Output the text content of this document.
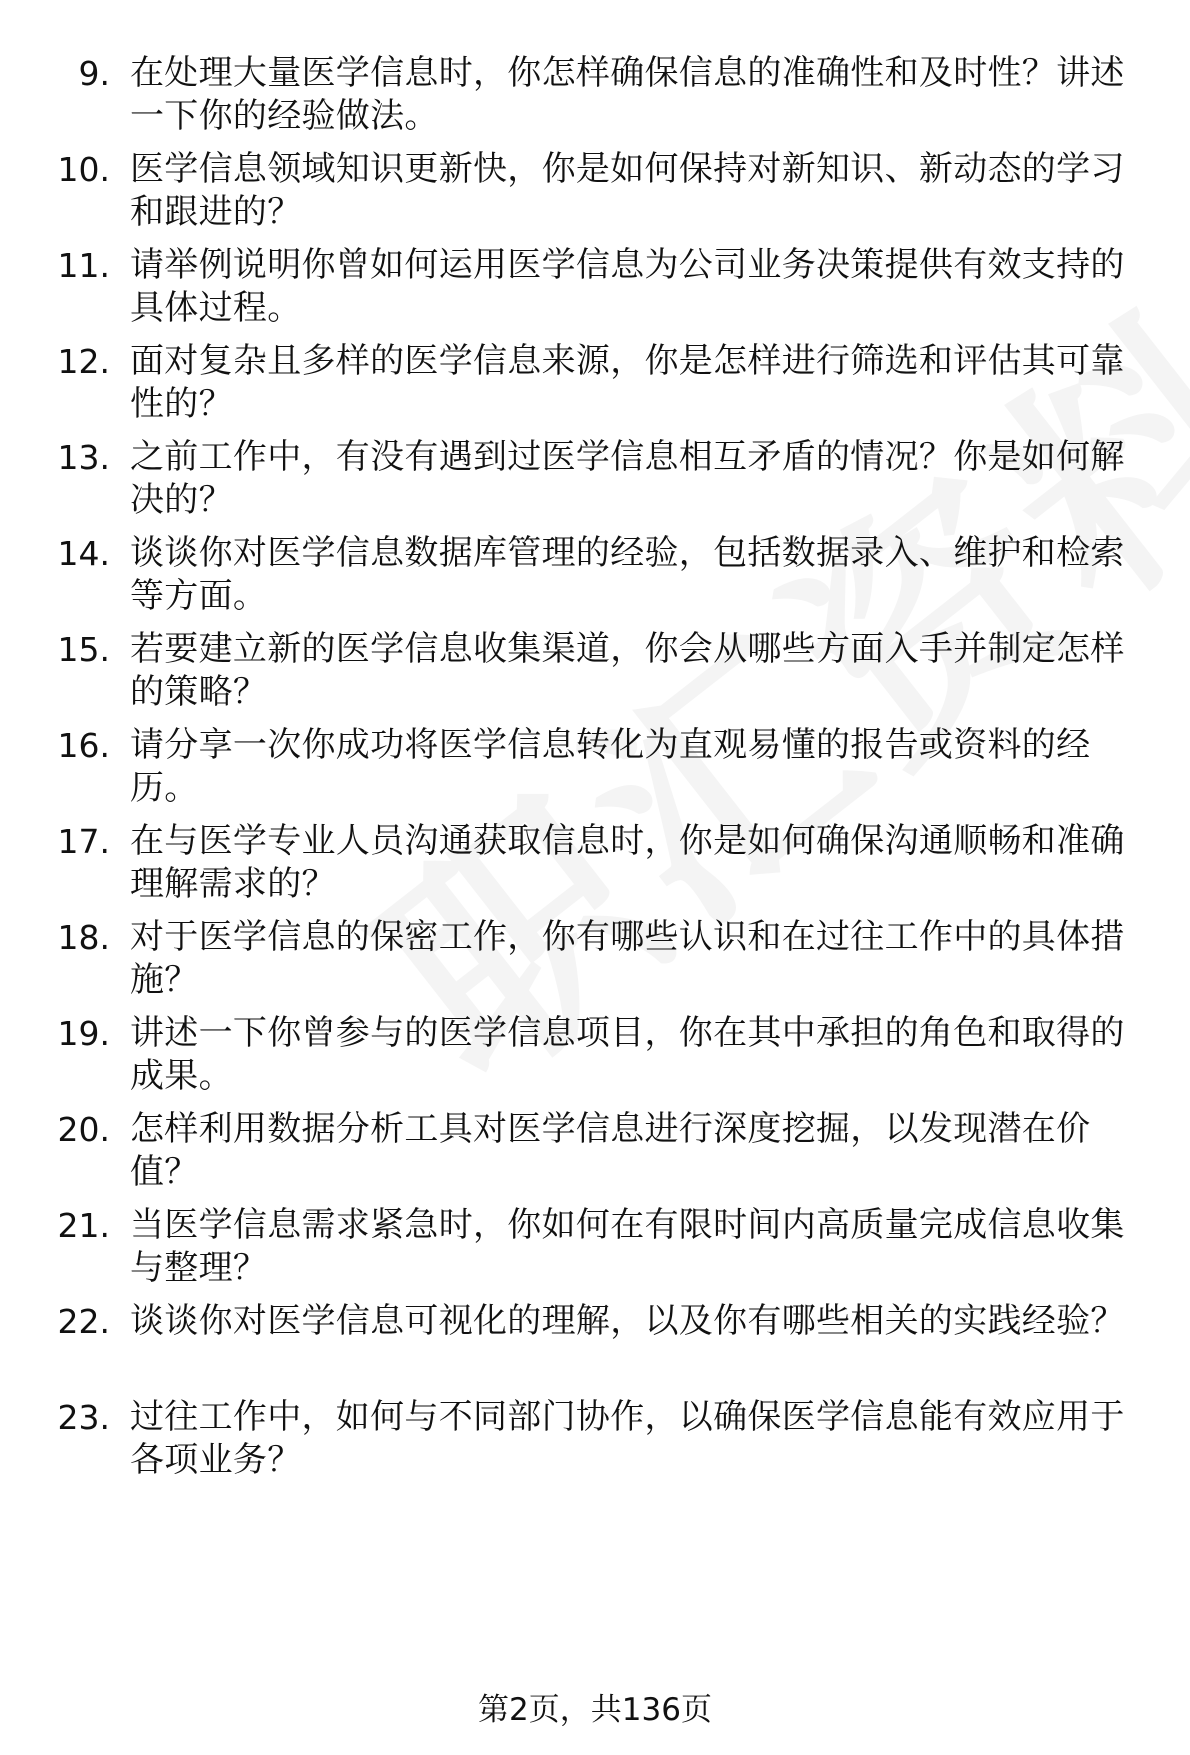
9. 在处理大量医学信息时，你怎样确保信息的准确性和及时性？讲述一下你的经验做法。
10. 医学信息领域知识更新快，你是如何保持对新知识、新动态的学习和跟进的？
11. 请举例说明你曾如何运用医学信息为公司业务决策提供有效支持的具体过程。
12. 面对复杂且多样的医学信息来源，你是怎样进行筛选和评估其可靠性的？
13. 之前工作中，有没有遇到过医学信息相互矛盾的情况？你是如何解决的？
14. 谈谈你对医学信息数据库管理的经验，包括数据录入、维护和检索等方面。
15. 若要建立新的医学信息收集渠道，你会从哪些方面入手并制定怎样的策略？
16. 请分享一次你成功将医学信息转化为直观易懂的报告或资料的经历。
17. 在与医学专业人员沟通获取信息时，你是如何确保沟通顺畅和准确理解需求的？
18. 对于医学信息的保密工作，你有哪些认识和在过往工作中的具体措施？
19. 讲述一下你曾参与的医学信息项目，你在其中承担的角色和取得的成果。
20. 怎样利用数据分析工具对医学信息进行深度挖掘，以发现潜在价值？
21. 当医学信息需求紧急时，你如何在有限时间内高质量完成信息收集与整理？
22. 谈谈你对医学信息可视化的理解，以及你有哪些相关的实践经验？
23. 过往工作中，如何与不同部门协作，以确保医学信息能有效应用于各项业务？
第2页，共136页
